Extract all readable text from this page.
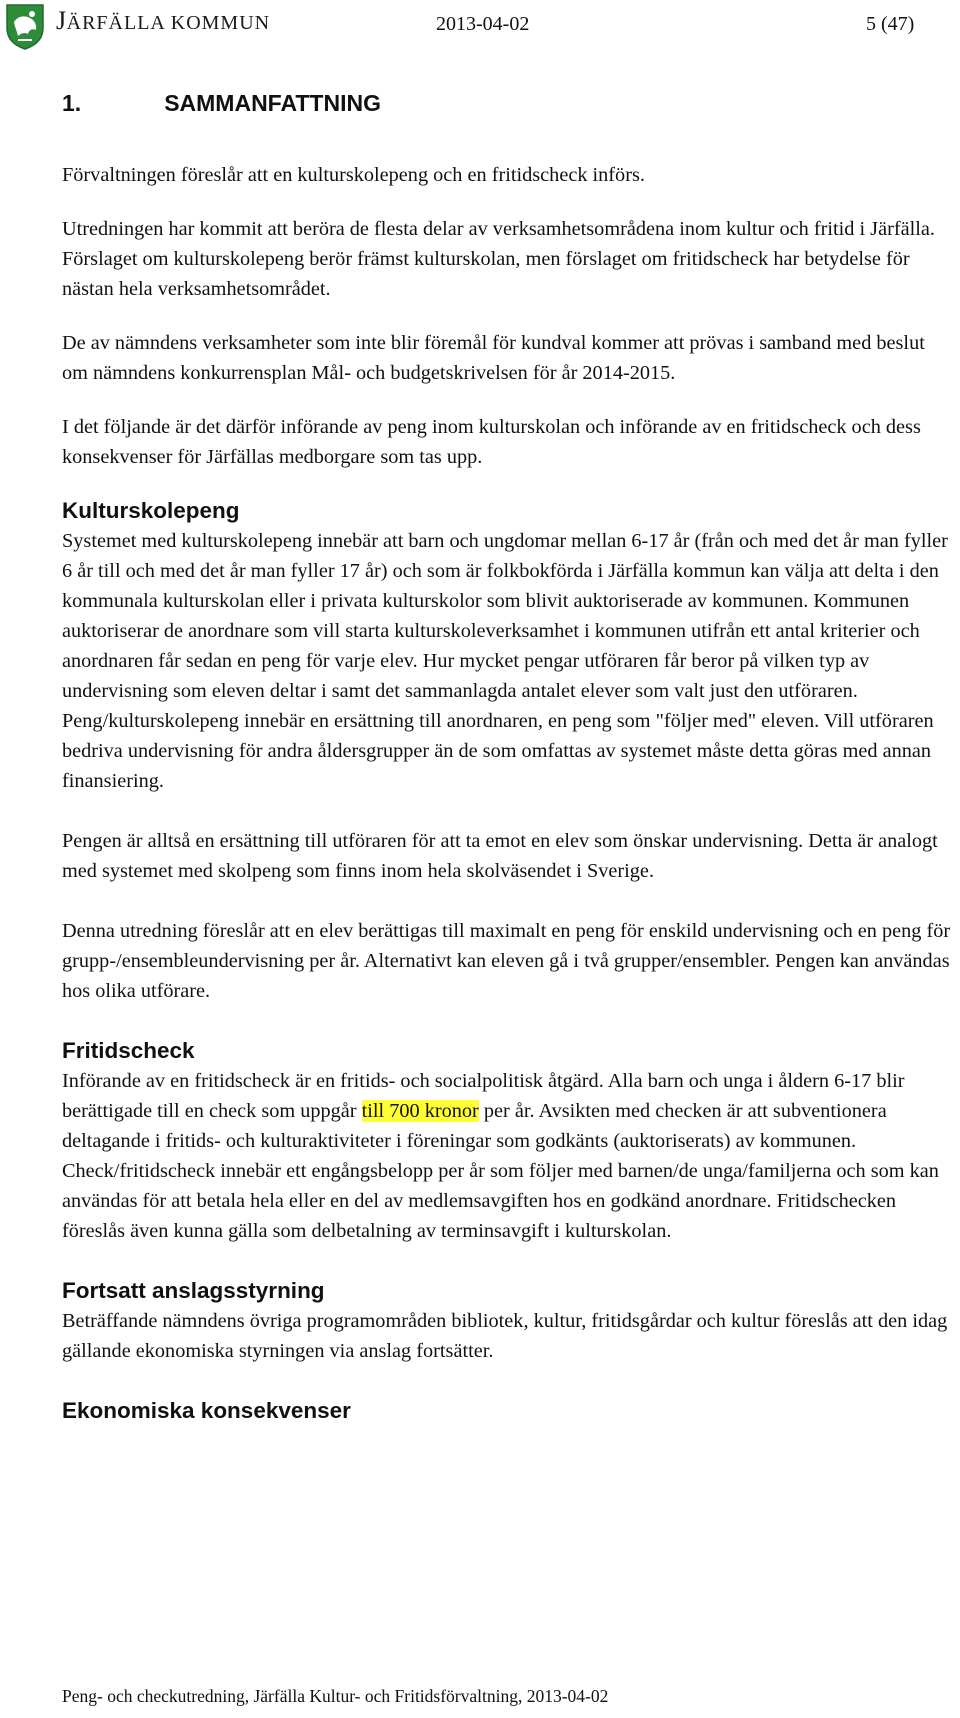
JÄRFÄLLA KOMMUN	2013-04-02	5 (47)
1.	SAMMANFATTNING

Förvaltningen föreslår att en kulturskolepeng och en fritidscheck införs.

Utredningen har kommit att beröra de flesta delar av verksamhetsområdena inom kultur och fritid i Järfälla. Förslaget om kulturskolepeng berör främst kulturskolan, men förslaget om fritidscheck har betydelse för nästan hela verksamhetsområdet.

De av nämndens verksamheter som inte blir föremål för kundval kommer att prövas i samband med beslut om nämndens konkurrensplan Mål- och budgetskrivelsen för år 2014-2015.

I det följande är det därför införande av peng inom kulturskolan och införande av en fritidscheck och dess konsekvenser för Järfällas medborgare som tas upp.

Kulturskolepeng

Systemet med kulturskolepeng innebär att barn och ungdomar mellan 6-17 år (från och med det år man fyller 6 år till och med det år man fyller 17 år) och som är folkbokförda i Järfälla kommun kan välja att delta i den kommunala kulturskolan eller i privata kulturskolor som blivit auktoriserade av kommunen. Kommunen auktoriserar de anordnare som vill starta kulturskoleverksamhet i kommunen utifrån ett antal kriterier och anordnaren får sedan en peng för varje elev. Hur mycket pengar utföraren får beror på vilken typ av undervisning som eleven deltar i samt det sammanlagda antalet elever som valt just den utföraren. Peng/kulturskolepeng innebär en ersättning till anordnaren, en peng som "följer med" eleven. Vill utföraren bedriva undervisning för andra åldersgrupper än de som omfattas av systemet måste detta göras med annan finansiering.

Pengen är alltså en ersättning till utföraren för att ta emot en elev som önskar undervisning. Detta är analogt med systemet med skolpeng som finns inom hela skolväsendet i Sverige.

Denna utredning föreslår att en elev berättigas till maximalt en peng för enskild undervisning och en peng för grupp-/ensembleundervisning per år. Alternativt kan eleven gå i två grupper/ensembler. Pengen kan användas hos olika utförare.

Fritidscheck

Införande av en fritidscheck är en fritids- och socialpolitisk åtgärd. Alla barn och unga i åldern 6-17 blir berättigade till en check som uppgår till 700 kronor per år. Avsikten med checken är att subventionera deltagande i fritids- och kulturaktiviteter i föreningar som godkänts (auktoriserats) av kommunen. Check/fritidscheck innebär ett engångsbelopp per år som följer med barnen/de unga/familjerna och som kan användas för att betala hela eller en del av medlemsavgiften hos en godkänd anordnare. Fritidschecken föreslås även kunna gälla som delbetalning av terminsavgift i kulturskolan.

Fortsatt anslagsstyrning

Beträffande nämndens övriga programområden bibliotek, kultur, fritidsgårdar och kultur föreslås att den idag gällande ekonomiska styrningen via anslag fortsätter.

Ekonomiska konsekvenser
Peng- och checkutredning, Järfälla Kultur- och Fritidsförvaltning, 2013-04-02
